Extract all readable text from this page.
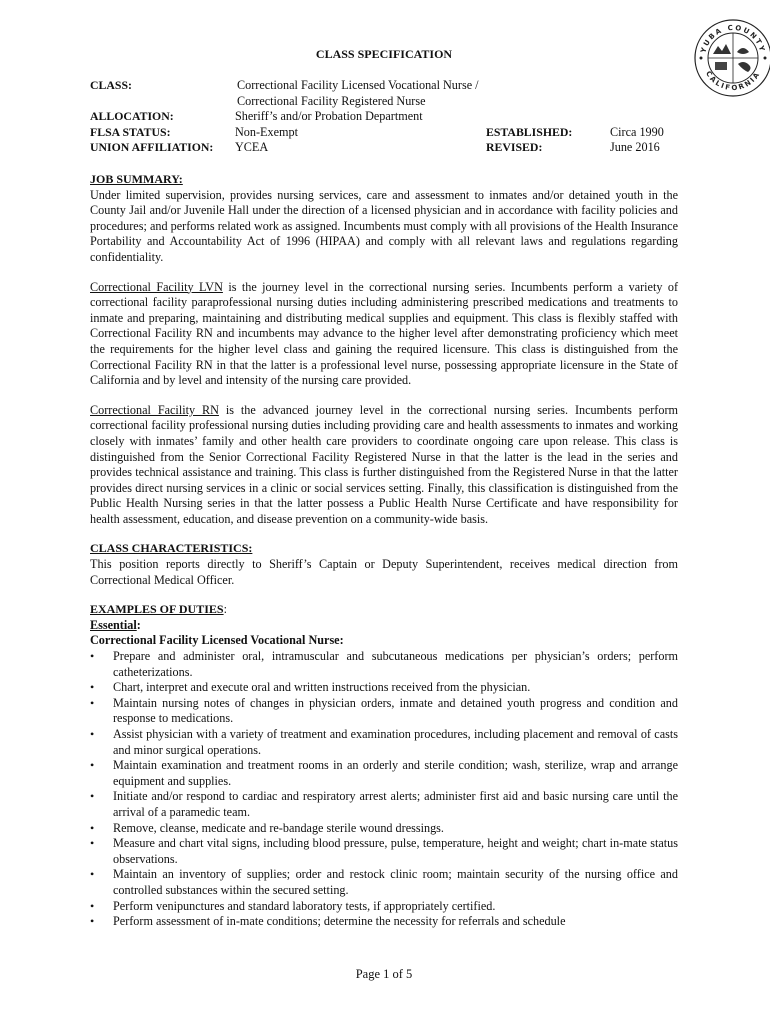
CLASS SPECIFICATION	YUBA COUNTY
CALIFORNIA
CLASS:	Correctional Facility Licensed Vocational Nurse /
Correctional Facility Registered Nurse
ALLOCATION:	Sheriff’s and/or Probation Department
FLSA STATUS:	Non-Exempt	ESTABLISHED:	Circa 1990
UNION AFFILIATION: YCEA	REVISED:	June 2016
JOB SUMMARY:

Under limited supervision, provides nursing services, care and assessment to inmates and/or detained youth in the County Jail and/or Juvenile Hall under the direction of a licensed physician and in accordance with facility policies and procedures; and performs related work as assigned. Incumbents must comply with all provisions of the Health Insurance Portability and Accountability Act of 1996 (HIPAA) and comply with all relevant laws and regulations regarding confidentiality.

Correctional Facility LVN is the journey level in the correctional nursing series. Incumbents perform a variety of correctional facility paraprofessional nursing duties including administering prescribed medications and treatments to inmate and preparing, maintaining and distributing medical supplies and equipment. This class is flexibly staffed with Correctional Facility RN and incumbents may advance to the higher level after demonstrating proficiency which meet the requirements for the higher level class and gaining the required licensure. This class is distinguished from the Correctional Facility RN in that the latter is a professional level nurse, possessing appropriate licensure in the State of California and by level and intensity of the nursing care provided.

Correctional Facility RN is the advanced journey level in the correctional nursing series. Incumbents perform correctional facility professional nursing duties including providing care and health assessments to inmates and working closely with inmates’ family and other health care providers to coordinate ongoing care upon release. This class is distinguished from the Senior Correctional Facility Registered Nurse in that the latter is the lead in the series and provides technical assistance and training. This class is further distinguished from the Registered Nurse in that the latter provides direct nursing services in a clinic or social services setting. Finally, this classification is distinguished from the Public Health Nursing series in that the latter possess a Public Health Nurse Certificate and have responsibility for health assessment, education, and disease prevention on a community-wide basis.

CLASS CHARACTERISTICS:

This position reports directly to Sheriff’s Captain or Deputy Superintendent, receives medical direction from Correctional Medical Officer.

EXAMPLES OF DUTIES:
Essential:
Correctional Facility Licensed Vocational Nurse:
• Prepare and administer oral, intramuscular and subcutaneous medications per physician’s orders; perform catheterizations.
• Chart, interpret and execute oral and written instructions received from the physician.
• Maintain nursing notes of changes in physician orders, inmate and detained youth progress and condition and response to medications.
• Assist physician with a variety of treatment and examination procedures, including placement and removal of casts and minor surgical operations.
• Maintain examination and treatment rooms in an orderly and sterile condition; wash, sterilize, wrap and arrange equipment and supplies.
• Initiate and/or respond to cardiac and respiratory arrest alerts; administer first aid and basic nursing care until the arrival of a paramedic team.
• Remove, cleanse, medicate and re-bandage sterile wound dressings.
• Measure and chart vital signs, including blood pressure, pulse, temperature, height and weight; chart in-mate status observations.
• Maintain an inventory of supplies; order and restock clinic room; maintain security of the nursing office and controlled substances within the secured setting.
• Perform venipunctures and standard laboratory tests, if appropriately certified.
• Perform assessment of in-mate conditions; determine the necessity for referrals and schedule
Page 1 of 5
